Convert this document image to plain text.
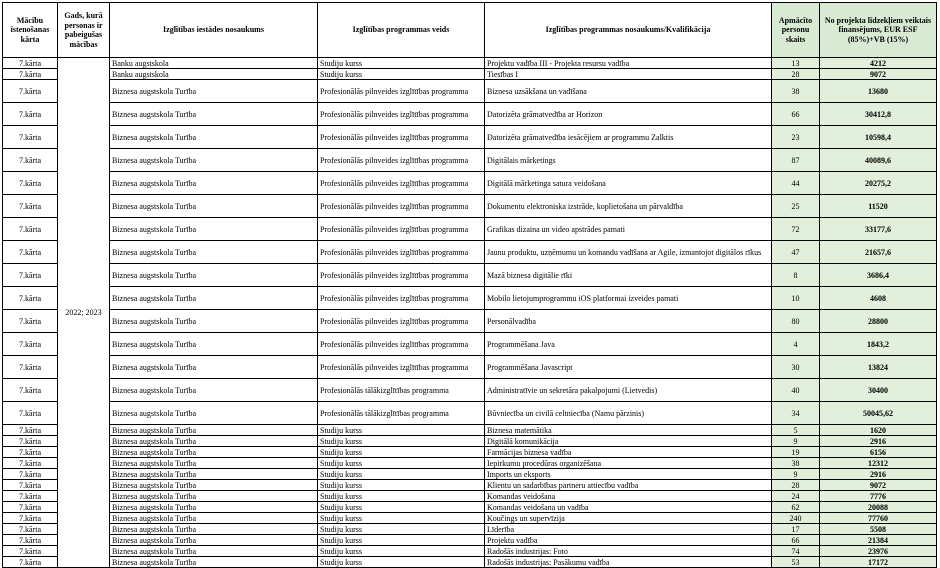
Mācību īstenošanas kārta	Gads, kurā personas ir pabeigušas mācības	Izglītības iestādes nosaukums	Izglītības programmas veids	Izglītības programmas nosaukums/Kvalifikācija	Apmācīto personu skaits	No projekta līdzekļiem veiktais finansējums, EUR ESF (85%)+VB (15%)
7.kārta	2022; 2023	Banku augstskola	Studiju kurss	Projektu vadība III - Projekta resursu vadība	13	4212
7.kārta		Banku augstskola	Studiju kurss	Tiesības I	28	9072
7.kārta		Biznesa augstskola Turība	Profesionālās pilnveides izglītības programma	Biznesa uzsākšana un vadīšana	38	13680
7.kārta		Biznesa augstskola Turība	Profesionālās pilnveides izglītības programma	Datorizēta grāmatvedība ar Horizon	66	30412,8
7.kārta		Biznesa augstskola Turība	Profesionālās pilnveides izglītības programma	Datorizēta grāmatvedība iesācējiem ar programmu Zalktis	23	10598,4
7.kārta		Biznesa augstskola Turība	Profesionālās pilnveides izglītības programma	Digitālais mārketings	87	40089,6
7.kārta		Biznesa augstskola Turība	Profesionālās pilnveides izglītības programma	Digitālā mārketinga satura veidošana	44	20275,2
7.kārta		Biznesa augstskola Turība	Profesionālās pilnveides izglītības programma	Dokumentu elektroniska izstrāde, koplietošana un pārvaldība	25	11520
7.kārta		Biznesa augstskola Turība	Profesionālās pilnveides izglītības programma	Grafikas dizaina un video apstrādes pamati	72	33177,6
7.kārta		Biznesa augstskola Turība	Profesionālās pilnveides izglītības programma	Jaunu produktu, uzņēmumu un komandu vadīšana ar Agile, izmantojot digitālos rīkus	47	21657,6
7.kārta		Biznesa augstskola Turība	Profesionālās pilnveides izglītības programma	Mazā biznesa digitālie rīki	8	3686,4
7.kārta		Biznesa augstskola Turība	Profesionālās pilnveides izglītības programma	Mobilo lietojumprogrammu iOS platformai izveides pamati	10	4608
7.kārta		Biznesa augstskola Turība	Profesionālās pilnveides izglītības programma	Personālvadība	80	28800
7.kārta		Biznesa augstskola Turība	Profesionālās pilnveides izglītības programma	Programmēšana Java	4	1843,2
7.kārta		Biznesa augstskola Turība	Profesionālās pilnveides izglītības programma	Programmēšana Javascript	30	13824
7.kārta		Biznesa augstskola Turība	Profesionālās tālākizglītības programma	Administratīvie un sekretāra pakalpojumi (Lietvedis)	40	30400
7.kārta		Biznesa augstskola Turība	Profesionālās tālākizglītības programma	Būvniecība un civilā celtniecība (Namu pārzinis)	34	50045,62
7.kārta		Biznesa augstskola Turība	Studiju kurss	Biznesa matemātika	5	1620
7.kārta		Biznesa augstskola Turība	Studiju kurss	Digitālā komunikācija	9	2916
7.kārta		Biznesa augstskola Turība	Studiju kurss	Farmācijas biznesa vadība	19	6156
7.kārta		Biznesa augstskola Turība	Studiju kurss	Iepirkumu procedūras organizēšana	38	12312
7.kārta		Biznesa augstskola Turība	Studiju kurss	Imports un eksports	9	2916
7.kārta		Biznesa augstskola Turība	Studiju kurss	Klientu un sadarbības partneru attiecību vadība	28	9072
7.kārta		Biznesa augstskola Turība	Studiju kurss	Komandas veidošana	24	7776
7.kārta		Biznesa augstskola Turība	Studiju kurss	Komandas veidošana un vadība	62	20088
7.kārta		Biznesa augstskola Turība	Studiju kurss	Koučings un supervīzija	240	77760
7.kārta		Biznesa augstskola Turība	Studiju kurss	Līderība	17	5508
7.kārta		Biznesa augstskola Turība	Studiju kurss	Projektu vadība	66	21384
7.kārta		Biznesa augstskola Turība	Studiju kurss	Radošās industrijas: Foto	74	23976
7.kārta		Biznesa augstskola Turība	Studiju kurss	Radošās industrijas: Pasākumu vadība	53	17172
